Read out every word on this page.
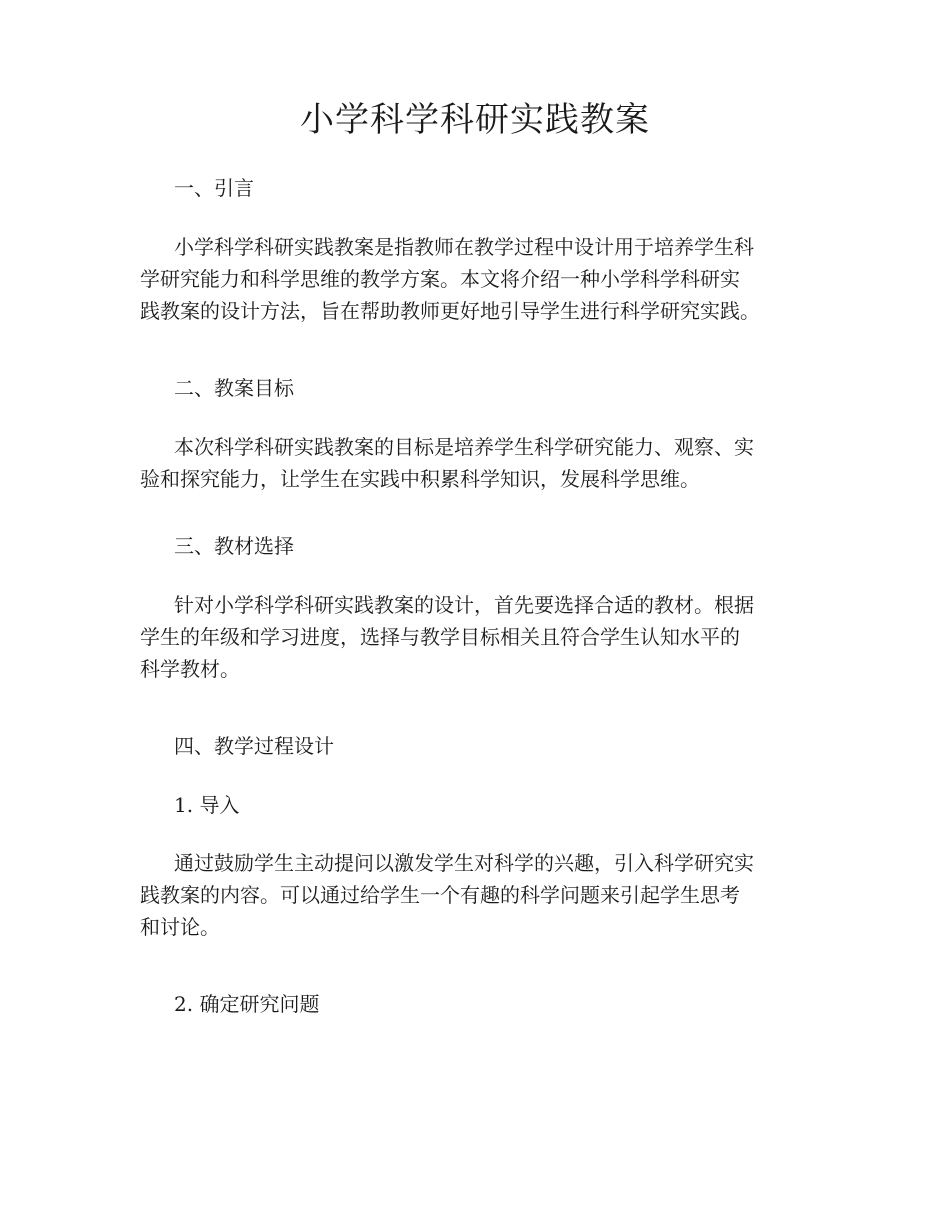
小学科学科研实践教案

一、引言

小学科学科研实践教案是指教师在教学过程中设计用于培养学生科
学研究能力和科学思维的教学方案。本文将介绍一种小学科学科研实
践教案的设计方法，旨在帮助教师更好地引导学生进行科学研究实践。

二、教案目标

本次科学科研实践教案的目标是培养学生科学研究能力、观察、实
验和探究能力，让学生在实践中积累科学知识，发展科学思维。

三、教材选择

针对小学科学科研实践教案的设计，首先要选择合适的教材。根据
学生的年级和学习进度，选择与教学目标相关且符合学生认知水平的
科学教材。

四、教学过程设计

1. 导入

通过鼓励学生主动提问以激发学生对科学的兴趣，引入科学研究实
践教案的内容。可以通过给学生一个有趣的科学问题来引起学生思考
和讨论。

2. 确定研究问题
